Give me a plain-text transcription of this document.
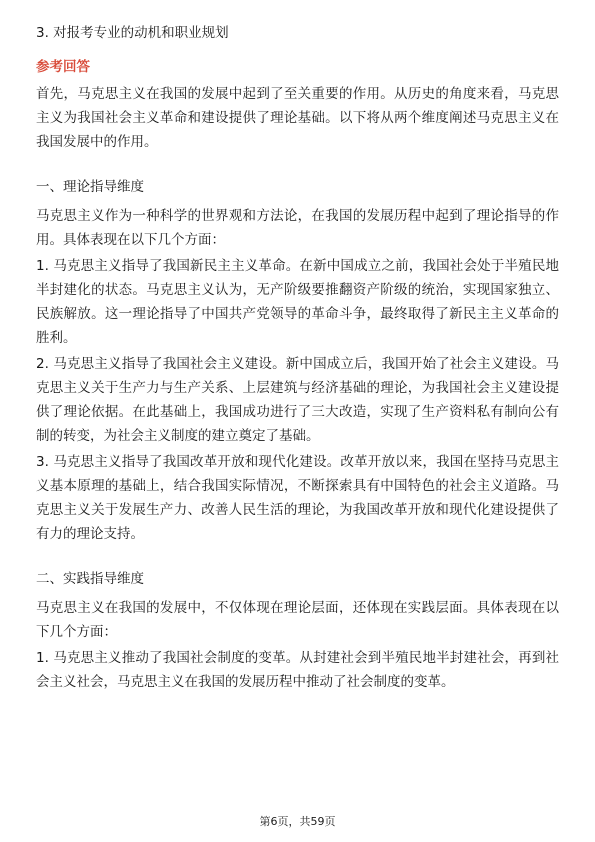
3. 对报考专业的动机和职业规划
参考回答

首先，马克思主义在我国的发展中起到了至关重要的作用。从历史的角度来看，马克思主义为我国社会主义革命和建设提供了理论基础。以下将从两个维度阐述马克思主义在我国发展中的作用。

一、理论指导维度

马克思主义作为一种科学的世界观和方法论，在我国的发展历程中起到了理论指导的作用。具体表现在以下几个方面：

1. 马克思主义指导了我国新民主主义革命。在新中国成立之前，我国社会处于半殖民地半封建化的状态。马克思主义认为，无产阶级要推翻资产阶级的统治，实现国家独立、民族解放。这一理论指导了中国共产党领导的革命斗争，最终取得了新民主主义革命的胜利。

2. 马克思主义指导了我国社会主义建设。新中国成立后，我国开始了社会主义建设。马克思主义关于生产力与生产关系、上层建筑与经济基础的理论，为我国社会主义建设提供了理论依据。在此基础上，我国成功进行了三大改造，实现了生产资料私有制向公有制的转变，为社会主义制度的建立奠定了基础。

3. 马克思主义指导了我国改革开放和现代化建设。改革开放以来，我国在坚持马克思主义基本原理的基础上，结合我国实际情况，不断探索具有中国特色的社会主义道路。马克思主义关于发展生产力、改善人民生活的理论，为我国改革开放和现代化建设提供了有力的理论支持。

二、实践指导维度

马克思主义在我国的发展中，不仅体现在理论层面，还体现在实践层面。具体表现在以下几个方面：

1. 马克思主义推动了我国社会制度的变革。从封建社会到半殖民地半封建社会，再到社会主义社会，马克思主义在我国的发展历程中推动了社会制度的变革。

第6页，共59页
